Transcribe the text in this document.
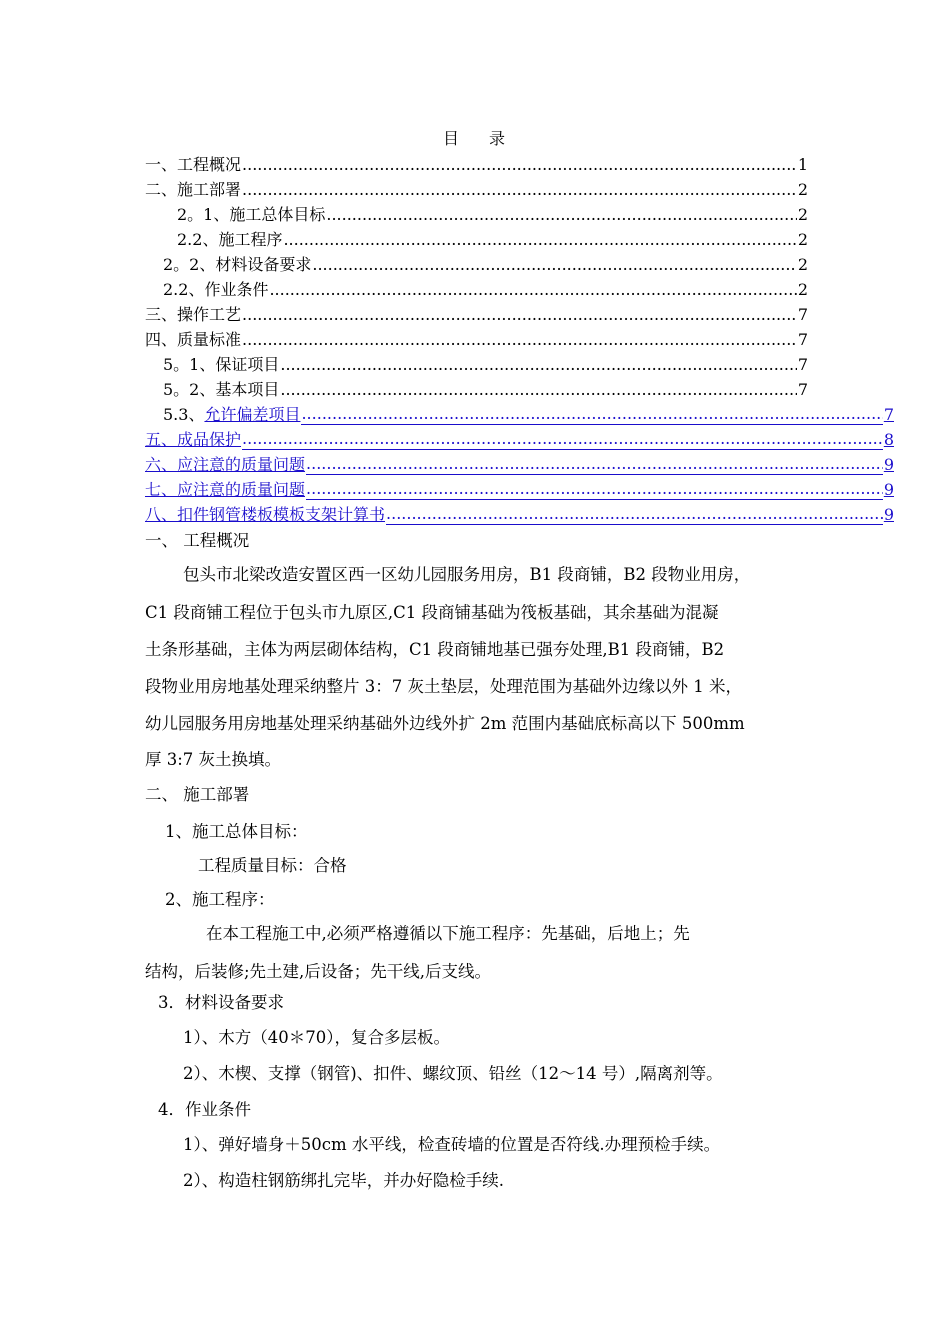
目 录
一、工程概况 .....	1
二、施工部署 .....	2
2。1、施工总体目标 .....	2
2.2、施工程序 .....	2
2。2、材料设备要求 .....	2
2.2、作业条件 .....	2
三、操作工艺 .....	7
四、质量标准 .....	7
5。1、保证项目 .....	7
5。2、基本项目 .....	7
5.3、 允许偏差项目 .....	7
五、成品保护 .....	8
六、应注意的质量问题 .....	9
七、应注意的质量问题 .....	9
八、扣件钢管楼板模板支架计算书 .....	9
一、 工程概况
包头市北梁改造安置区西一区幼儿园服务用房，B1 段商铺，B2 段物业用房，
C1 段商铺工程位于包头市九原区,C1 段商铺基础为筏板基础，其余基础为混凝
土条形基础，主体为两层砌体结构，C1 段商铺地基已强夯处理,B1 段商铺，B2
段物业用房地基处理采纳整片 3：7 灰土垫层，处理范围为基础外边缘以外 1 米，
幼儿园服务用房地基处理采纳基础外边线外扩 2m 范围内基础底标高以下 500mm
厚 3:7 灰土换填。
二、 施工部署
1、施工总体目标：
工程质量目标：合格
2、施工程序：
在本工程施工中,必须严格遵循以下施工程序：先基础，后地上；先
结构，后装修;先土建,后设备；先干线,后支线。
3．材料设备要求
1）、木方（40＊70），复合多层板。
2）、木楔、支撑（钢管)、扣件、螺纹顶、铅丝（12～14 号）,隔离剂等。
4．作业条件
1）、弹好墙身＋50cm 水平线，检查砖墙的位置是否符线.办理预检手续。
2）、构造柱钢筋绑扎完毕，并办好隐检手续.
